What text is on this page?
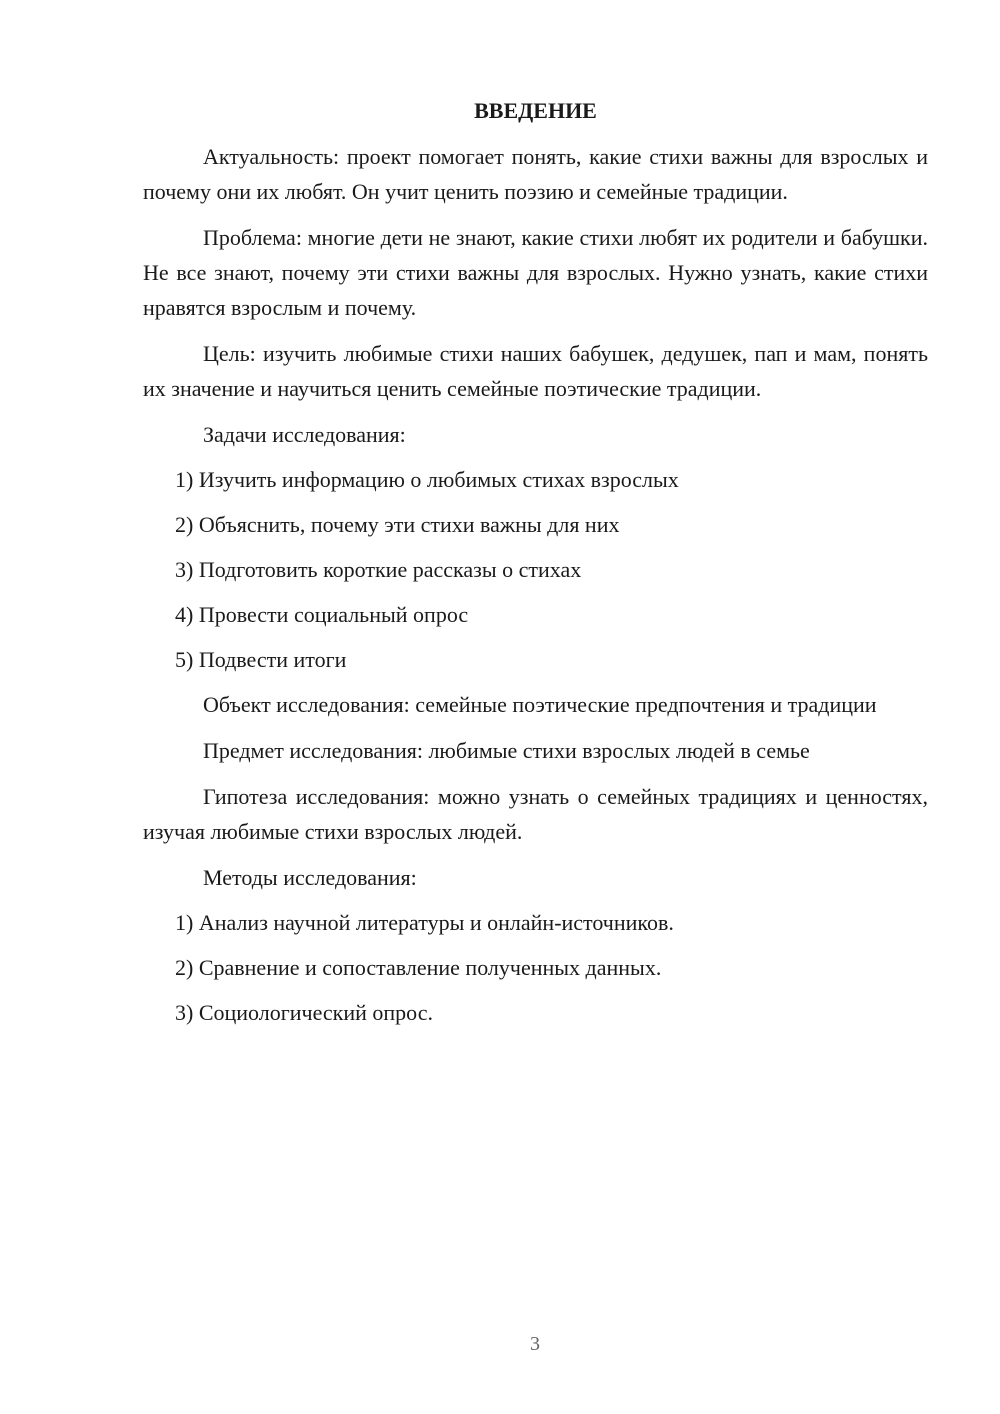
ВВЕДЕНИЕ

Актуальность: проект помогает понять, какие стихи важны для взрослых и почему они их любят. Он учит ценить поэзию и семейные традиции.

Проблема: многие дети не знают, какие стихи любят их родители и бабушки. Не все знают, почему эти стихи важны для взрослых. Нужно узнать, какие стихи нравятся взрослым и почему.

Цель: изучить любимые стихи наших бабушек, дедушек, пап и мам, понять их значение и научиться ценить семейные поэтические традиции.

Задачи исследования:

1) Изучить информацию о любимых стихах взрослых

2) Объяснить, почему эти стихи важны для них

3) Подготовить короткие рассказы о стихах

4) Провести социальный опрос

5) Подвести итоги

Объект исследования: семейные поэтические предпочтения и традиции

Предмет исследования: любимые стихи взрослых людей в семье

Гипотеза исследования: можно узнать о семейных традициях и ценностях, изучая любимые стихи взрослых людей.

Методы исследования:

1) Анализ научной литературы и онлайн-источников.

2) Сравнение и сопоставление полученных данных.

3) Социологический опрос.

3
